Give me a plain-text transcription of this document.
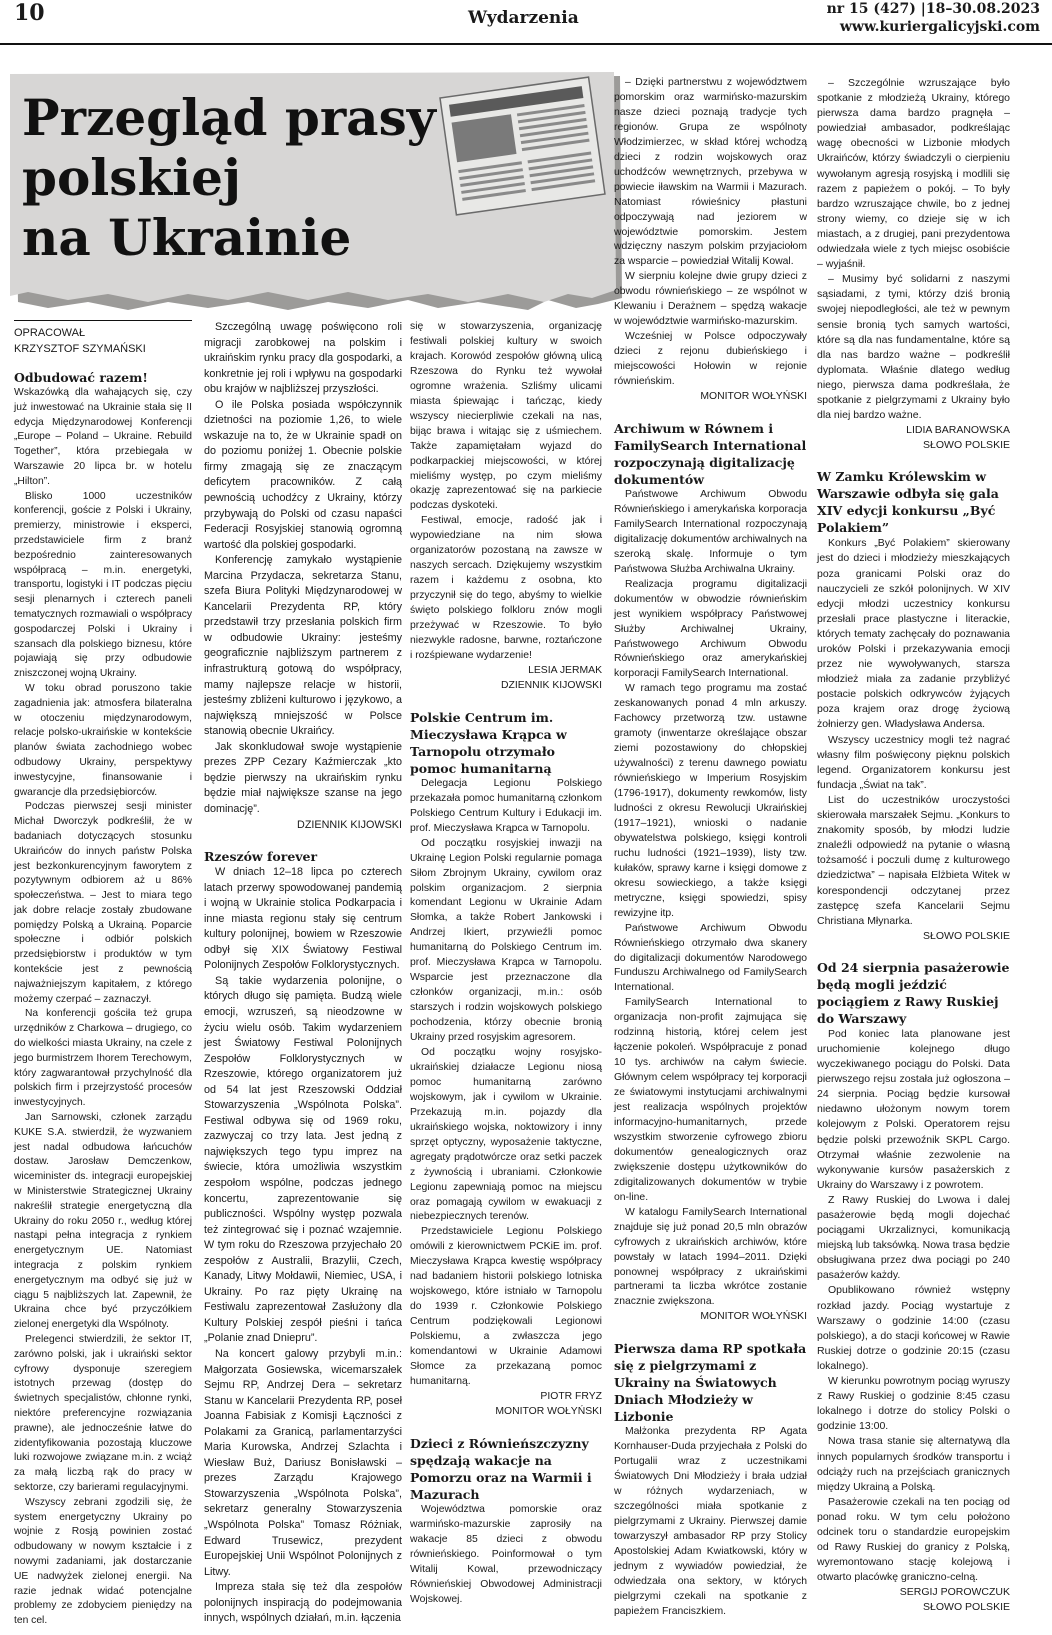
10	Wydarzenia	nr 15 (427) |18–30.08.2023
www.kuriergalicyjski.com
Przegląd prasy
polskiej
na Ukrainie
OPRACOWAŁ
KRZYSZTOF SZYMAŃSKI
Odbudować razem!

Wskazówką dla wahających się, czy już inwestować na Ukrainie stała się II edycja Międzynarodowej Konferencji „Europe – Poland – Ukraine. Rebuild Together”, która przebiegała w Warszawie 20 lipca br. w hotelu „Hilton”.

Blisko 1000 uczestników konferencji, goście z Polski i Ukrainy, premierzy, ministrowie i eksperci, przedstawiciele firm z branż bezpośrednio zainteresowanych współpracą – m.in. energetyki, transportu, logistyki i IT podczas pięciu sesji plenarnych i czterech paneli tematycznych rozmawiali o współpracy gospodarczej Polski i Ukrainy i szansach dla polskiego biznesu, które pojawiają się przy odbudowie zniszczonej wojną Ukrainy.

W toku obrad poruszono takie zagadnienia jak: atmosfera bilateralna w otoczeniu międzynarodowym, relacje polsko-ukraińskie w kontekście planów świata zachodniego wobec odbudowy Ukrainy, perspektywy inwestycyjne, finansowanie i gwarancje dla przedsiębiorców.

Podczas pierwszej sesji minister Michał Dworczyk podkreślił, że w badaniach dotyczących stosunku Ukraińców do innych państw Polska jest bezkonkurencyjnym faworytem z pozytywnym odbiorem aż u 86% społeczeństwa. – Jest to miara tego jak dobre relacje zostały zbudowane pomiędzy Polską a Ukrainą. Poparcie społeczne i odbiór polskich przedsiębiorstw i produktów w tym kontekście jest z pewnością najważniejszym kapitałem, z którego możemy czerpać – zaznaczył.

Na konferencji gościła też grupa urzędników z Charkowa – drugiego, co do wielkości miasta Ukrainy, na czele z jego burmistrzem Ihorem Terechowym, który zagwarantował przychylność dla polskich firm i przejrzystość procesów inwestycyjnych.

Jan Sarnowski, członek zarządu KUKE S.A. stwierdził, że wyzwaniem jest nadal odbudowa łańcuchów dostaw. Jarosław Demczenkow, wiceminister ds. integracji europejskiej w Ministerstwie Strategicznej Ukrainy nakreślił strategie energetyczną dla Ukrainy do roku 2050 r., według której nastąpi pełna integracja z rynkiem energetycznym UE. Natomiast integracja z polskim rynkiem energetycznym ma odbyć się już w ciągu 5 najbliższych lat. Zapewnił, że Ukraina chce być przyczółkiem zielonej energetyki dla Wspólnoty.

Prelegenci stwierdzili, że sektor IT, zarówno polski, jak i ukraiński sektor cyfrowy dysponuje szeregiem istotnych przewag (dostęp do świetnych specjalistów, chłonne rynki, niektóre preferencyjne rozwiązania prawne), ale jednocześnie łatwe do zidentyfikowania pozostają kluczowe luki rozwojowe związane m.in. z wciąż za małą liczbą rąk do pracy w sektorze, czy barierami regulacyjnymi.

Wszyscy zebrani zgodzili się, że system energetyczny Ukrainy po wojnie z Rosją powinien zostać odbudowany w nowym kształcie i z nowymi zadaniami, jak dostarczanie UE nadwyżek zielonej energii. Na razie jednak widać potencjalne problemy ze zdobyciem pieniędzy na ten cel.

Szczególną uwagę poświęcono roli migracji zarobkowej na polskim i ukraińskim rynku pracy dla gospodarki, a konkretnie jej roli i wpływu na gospodarki obu krajów w najbliższej przyszłości.

O ile Polska posiada współczynnik dzietności na poziomie 1,26, to wiele wskazuje na to, że w Ukrainie spadł on do poziomu poniżej 1. Obecnie polskie firmy zmagają się ze znaczącym deficytem pracowników. Z całą pewnością uchodźcy z Ukrainy, którzy przybywają do Polski od czasu napaści Federacji Rosyjskiej stanowią ogromną wartość dla polskiej gospodarki.

Konferencję zamykało wystąpienie Marcina Przydacza, sekretarza Stanu, szefa Biura Polityki Międzynarodowej w Kancelarii Prezydenta RP, który przedstawił trzy przesłania polskich firm w odbudowie Ukrainy: jesteśmy geograficznie najbliższym partnerem z infrastrukturą gotową do współpracy, mamy najlepsze relacje w historii, jesteśmy zbliżeni kulturowo i językowo, a największą mniejszość w Polsce stanowią obecnie Ukraińcy.

Jak skonkludował swoje wystąpienie prezes ZPP Cezary Kaźmierczak „kto będzie pierwszy na ukraińskim rynku będzie miał największe szanse na jego dominację”.

DZIENNIK KIJOWSKI

Rzeszów forever

W dniach 12–18 lipca po czterech latach przerwy spowodowanej pandemią i wojną w Ukrainie stolica Podkarpacia i inne miasta regionu stały się centrum kultury polonijnej, bowiem w Rzeszowie odbył się XIX Światowy Festiwal Polonijnych Zespołów Folklorystycznych.

Są takie wydarzenia polonijne, o których długo się pamięta. Budzą wiele emocji, wzruszeń, są nieodzowne w życiu wielu osób. Takim wydarzeniem jest Światowy Festiwal Polonijnych Zespołów Folklorystycznych w Rzeszowie, którego organizatorem już od 54 lat jest Rzeszowski Oddział Stowarzyszenia „Wspólnota Polska”. Festiwal odbywa się od 1969 roku, zazwyczaj co trzy lata. Jest jedną z największych tego typu imprez na świecie, która umożliwia wszystkim zespołom wspólne, podczas jednego koncertu, zaprezentowanie się publiczności. Wspólny występ pozwala też zintegrować się i poznać wzajemnie. W tym roku do Rzeszowa przyjechało 20 zespołów z Australii, Brazylii, Czech, Kanady, Litwy Mołdawii, Niemiec, USA, i Ukrainy. Po raz pięty Ukrainę na Festiwalu zaprezentował Zasłużony dla Kultury Polskiej zespół pieśni i tańca „Polanie znad Dniepru”.

Na koncert galowy przybyli m.in.: Małgorzata Gosiewska, wicemarszałek Sejmu RP, Andrzej Dera – sekretarz Stanu w Kancelarii Prezydenta RP, poseł Joanna Fabisiak z Komisji Łączności z Polakami za Granicą, parlamentarzyści Maria Kurowska, Andrzej Szlachta i Wiesław Buż, Dariusz Bonisławski – prezes Zarządu Krajowego Stowarzyszenia „Wspólnota Polska”, sekretarz generalny Stowarzyszenia „Wspólnota Polska” Tomasz Różniak, Edward Trusewicz, prezydent Europejskiej Unii Wspólnot Polonijnych z Litwy.

Impreza stała się też dla zespołów polonijnych inspiracją do podejmowania innych, wspólnych działań, m.in. łączenia

się w stowarzyszenia, organizację festiwali polskiej kultury w swoich krajach. Korowód zespołów główną ulicą Rzeszowa do Rynku też wywołał ogromne wrażenia. Szliśmy ulicami miasta śpiewając i tańcząc, kiedy wszyscy niecierpliwie czekali na nas, bijąc brawa i witając się z uśmiechem. Także zapamiętałam wyjazd do podkarpackiej miejscowości, w której mieliśmy występ, po czym mieliśmy okazję zaprezentować się na parkiecie podczas dyskoteki.

Festiwal, emocje, radość jak i wypowiedziane na nim słowa organizatorów pozostaną na zawsze w naszych sercach. Dziękujemy wszystkim razem i każdemu z osobna, kto przyczynił się do tego, abyśmy to wielkie święto polskiego folkloru znów mogli przeżywać w Rzeszowie. To było niezwykle radosne, barwne, roztańczone i rozśpiewane wydarzenie!

LESIA JERMAK

DZIENNIK KIJOWSKI

Polskie Centrum im. Mieczysława Krąpca w Tarnopolu otrzymało pomoc humanitarną

Delegacja Legionu Polskiego przekazała pomoc humanitarną członkom Polskiego Centrum Kultury i Edukacji im. prof. Mieczysława Krąpca w Tarnopolu.

Od początku rosyjskiej inwazji na Ukrainę Legion Polski regularnie pomaga Siłom Zbrojnym Ukrainy, cywilom oraz polskim organizacjom. 2 sierpnia komendant Legionu w Ukrainie Adam Słomka, a także Robert Jankowski i Andrzej Ikiert, przywieźli pomoc humanitarną do Polskiego Centrum im. prof. Mieczysława Krąpca w Tarnopolu. Wsparcie jest przeznaczone dla członków organizacji, m.in.: osób starszych i rodzin wojskowych polskiego pochodzenia, którzy obecnie bronią Ukrainy przed rosyjskim agresorem.

Od początku wojny rosyjsko-ukraińskiej działacze Legionu niosą pomoc humanitarną zarówno wojskowym, jak i cywilom w Ukrainie. Przekazują m.in. pojazdy dla ukraińskiego wojska, noktowizory i inny sprzęt optyczny, wyposażenie taktyczne, agregaty prądotwórcze oraz setki paczek z żywnością i ubraniami. Członkowie Legionu zapewniają pomoc na miejscu oraz pomagają cywilom w ewakuacji z niebezpiecznych terenów.

Przedstawiciele Legionu Polskiego omówili z kierownictwem PCKiE im. prof. Mieczysława Krąpca kwestię współpracy nad badaniem historii polskiego lotniska wojskowego, które istniało w Tarnopolu do 1939 r. Członkowie Polskiego Centrum podziękowali Legionowi Polskiemu, a zwłaszcza jego komendantowi w Ukrainie Adamowi Słomce za przekazaną pomoc humanitarną.

PIOTR FRYZ

MONITOR WOŁYŃSKI

Dzieci z Równieńszczyzny spędzają wakacje na Pomorzu oraz na Warmii i Mazurach

Województwa pomorskie oraz warmińsko-mazurskie zaprosiły na wakacje 85 dzieci z obwodu równieńskiego. Poinformował o tym Witalij Kowal, przewodniczący Równieńskiej Obwodowej Administracji Wojskowej.

– Dzięki partnerstwu z województwem pomorskim oraz warmińsko-mazurskim nasze dzieci poznają tradycje tych regionów. Grupa ze wspólnoty Włodzimierzec, w skład której wchodzą dzieci z rodzin wojskowych oraz uchodźców wewnętrznych, przebywa w powiecie iławskim na Warmii i Mazurach. Natomiast rówieśnicy płastuni odpoczywają nad jeziorem w województwie pomorskim. Jestem wdzięczny naszym polskim przyjaciołom za wsparcie – powiedział Witalij Kowal.

W sierpniu kolejne dwie grupy dzieci z obwodu równieńskiego – ze wspólnot w Klewaniu i Derażnem – spędzą wakacje w województwie warmińsko-mazurskim.

Wcześniej w Polsce odpoczywały dzieci z rejonu dubieńskiego i miejscowości Hołowin w rejonie równieńskim.

MONITOR WOŁYŃSKI

Archiwum w Równem i FamilySearch International rozpoczynają digitalizację dokumentów

Państwowe Archiwum Obwodu Równieńskiego i amerykańska korporacja FamilySearch International rozpoczynają digitalizację dokumentów archiwalnych na szeroką skalę. Informuje o tym Państwowa Służba Archiwalna Ukrainy.

Realizacja programu digitalizacji dokumentów w obwodzie równieńskim jest wynikiem współpracy Państwowej Służby Archiwalnej Ukrainy, Państwowego Archiwum Obwodu Równieńskiego oraz amerykańskiej korporacji FamilySearch International.

W ramach tego programu ma zostać zeskanowanych ponad 4 mln arkuszy. Fachowcy przetworzą tzw. ustawne gramoty (inwentarze określające obszar ziemi pozostawiony do chłopskiej używalności) z terenu dawnego powiatu równieńskiego w Imperium Rosyjskim (1796-1917), dokumenty rewkomów, listy ludności z okresu Rewolucji Ukraińskiej (1917–1921), wnioski o nadanie obywatelstwa polskiego, księgi kontroli ruchu ludności (1921–1939), listy tzw. kułaków, sprawy karne i księgi domowe z okresu sowieckiego, a także księgi metryczne, księgi spowiedzi, spisy rewizyjne itp.

Państwowe Archiwum Obwodu Równieńskiego otrzymało dwa skanery do digitalizacji dokumentów Narodowego Funduszu Archiwalnego od FamilySearch International.

FamilySearch International to organizacja non-profit zajmująca się rodzinną historią, której celem jest łączenie pokoleń. Współpracuje z ponad 10 tys. archiwów na całym świecie. Głównym celem współpracy tej korporacji ze światowymi instytucjami archiwalnymi jest realizacja wspólnych projektów informacyjno-humanitarnych, przede wszystkim stworzenie cyfrowego zbioru dokumentów genealogicznych oraz zwiększenie dostępu użytkowników do zdigitalizowanych dokumentów w trybie on-line.

W katalogu FamilySearch International znajduje się już ponad 20,5 mln obrazów cyfrowych z ukraińskich archiwów, które powstały w latach 1994–2011. Dzięki ponownej współpracy z ukraińskimi partnerami ta liczba wkrótce zostanie znacznie zwiększona.

MONITOR WOŁYŃSKI

Pierwsza dama RP spotkała się z pielgrzymami z Ukrainy na Światowych Dniach Młodzieży w Lizbonie

Małżonka prezydenta RP Agata Kornhauser-Duda przyjechała z Polski do Portugalii wraz z uczestnikami Światowych Dni Młodzieży i brała udział w różnych wydarzeniach, w szczególności miała spotkanie z pielgrzymami z Ukrainy. Pierwszej damie towarzyszył ambasador RP przy Stolicy Apostolskiej Adam Kwiatkowski, który w jednym z wywiadów powiedział, że odwiedzała ona sektory, w których pielgrzymi czekali na spotkanie z papieżem Franciszkiem.

– Szczególnie wzruszające było spotkanie z młodzieżą Ukrainy, którego pierwsza dama bardzo pragnęła – powiedział ambasador, podkreślając wagę obecności w Lizbonie młodych Ukraińców, którzy świadczyli o cierpieniu wywołanym agresją rosyjską i modlili się razem z papieżem o pokój. – To były bardzo wzruszające chwile, bo z jednej strony wiemy, co dzieje się w ich miastach, a z drugiej, pani prezydentowa odwiedzała wiele z tych miejsc osobiście – wyjaśnił.

– Musimy być solidarni z naszymi sąsiadami, z tymi, którzy dziś bronią swojej niepodległości, ale też w pewnym sensie bronią tych samych wartości, które są dla nas fundamentalne, które są dla nas bardzo ważne – podkreślił dyplomata. Właśnie dlatego według niego, pierwsza dama podkreślała, że spotkanie z pielgrzymami z Ukrainy było dla niej bardzo ważne.

LIDIA BARANOWSKA

SŁOWO POLSKIE

W Zamku Królewskim w Warszawie odbyła się gala XIV edycji konkursu „Być Polakiem”

Konkurs „Być Polakiem” skierowany jest do dzieci i młodzieży mieszkających poza granicami Polski oraz do nauczycieli ze szkół polonijnych. W XIV edycji młodzi uczestnicy konkursu przesłali prace plastyczne i literackie, których tematy zachęcały do poznawania uroków Polski i przekazywania emocji przez nie wywoływanych, starsza młodzież miała za zadanie przybliżyć postacie polskich odkrywców żyjących poza krajem oraz drogę życiową żołnierzy gen. Władysława Andersa.

Wszyscy uczestnicy mogli też nagrać własny film poświęcony pięknu polskich legend. Organizatorem konkursu jest fundacja „Świat na tak”.

List do uczestników uroczystości skierowała marszałek Sejmu. „Konkurs to znakomity sposób, by młodzi ludzie znaleźli odpowiedź na pytanie o własną tożsamość i poczuli dumę z kulturowego dziedzictwa” – napisała Elżbieta Witek w korespondencji odczytanej przez zastępcę szefa Kancelarii Sejmu Christiana Młynarka.

SŁOWO POLSKIE

Od 24 sierpnia pasażerowie będą mogli jeździć pociągiem z Rawy Ruskiej do Warszawy

Pod koniec lata planowane jest uruchomienie kolejnego długo wyczekiwanego pociągu do Polski. Data pierwszego rejsu została już ogłoszona – 24 sierpnia. Pociąg będzie kursował niedawno ułożonym nowym torem kolejowym z Polski. Operatorem rejsu będzie polski przewoźnik SKPL Cargo. Otrzymał właśnie zezwolenie na wykonywanie kursów pasażerskich z Ukrainy do Warszawy i z powrotem.

Z Rawy Ruskiej do Lwowa i dalej pasażerowie będą mogli dojechać pociągami Ukrzaliznyci, komunikacją miejską lub taksówką. Nowa trasa będzie obsługiwana przez dwa pociągi po 240 pasażerów każdy.

Opublikowano również wstępny rozkład jazdy. Pociąg wystartuje z Warszawy o godzinie 14:00 (czasu polskiego), a do stacji końcowej w Rawie Ruskiej dotrze o godzinie 20:15 (czasu lokalnego).

W kierunku powrotnym pociąg wyruszy z Rawy Ruskiej o godzinie 8:45 czasu lokalnego i dotrze do stolicy Polski o godzinie 13:00.

Nowa trasa stanie się alternatywą dla innych popularnych środków transportu i odciąży ruch na przejściach granicznych między Ukrainą a Polską.

Pasażerowie czekali na ten pociąg od ponad roku. W tym celu położono odcinek toru o standardzie europejskim od Rawy Ruskiej do granicy z Polską, wyremontowano stację kolejową i otwarto placówkę graniczno-celną.

SERGIJ POROWCZUK

SŁOWO POLSKIE
